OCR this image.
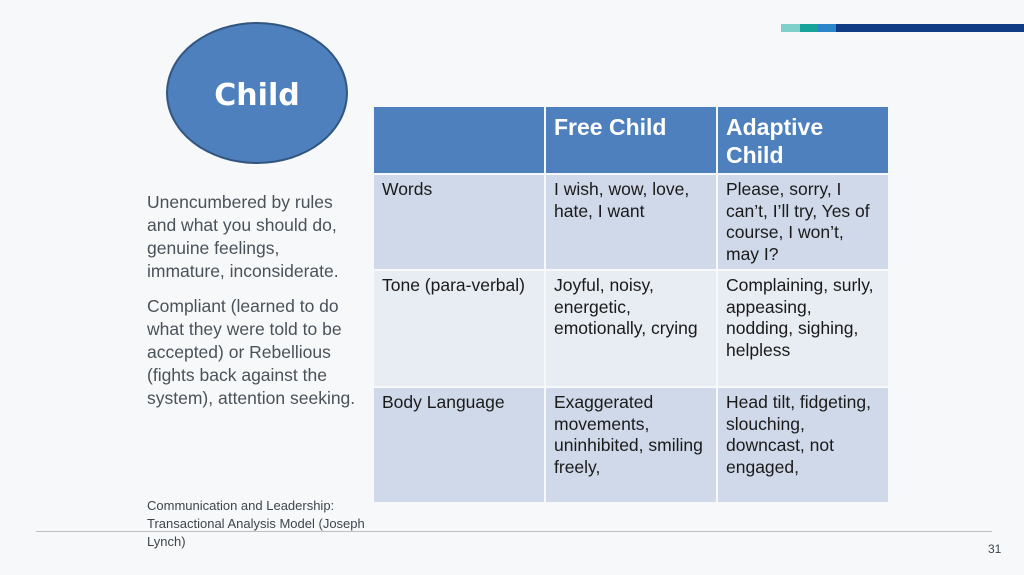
Child

Unencumbered by rules and what you should do, genuine feelings, immature, inconsiderate.

Compliant (learned to do what they were told to be accepted) or Rebellious (fights back against the system), attention seeking.

	Free Child	Adaptive Child
Words	I wish, wow, love, hate, I want	Please, sorry, I can’t, I’ll try, Yes of course, I won’t, may I?
Tone (para-verbal)	Joyful, noisy, energetic, emotionally, crying	Complaining, surly, appeasing, nodding, sighing, helpless
Body Language	Exaggerated movements, uninhibited, smiling freely,	Head tilt, fidgeting, slouching, downcast, not engaged,
Communication and Leadership: Transactional Analysis Model (Joseph Lynch)	31
